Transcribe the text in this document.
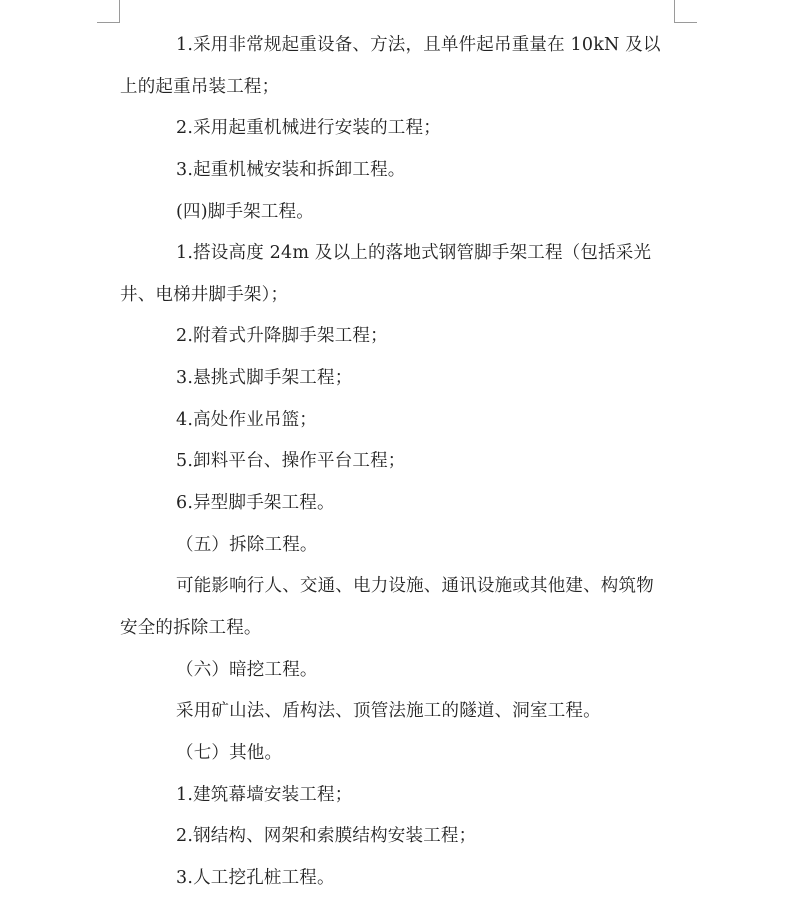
1.采用非常规起重设备、方法，且单件起吊重量在 10kN 及以
上的起重吊装工程；
2.采用起重机械进行安装的工程；
3.起重机械安装和拆卸工程。
(四)脚手架工程。
1.搭设高度 24m 及以上的落地式钢管脚手架工程（包括采光
井、电梯井脚手架）；
2.附着式升降脚手架工程；
3.悬挑式脚手架工程；
4.高处作业吊篮；
5.卸料平台、操作平台工程；
6.异型脚手架工程。
（五）拆除工程。
可能影响行人、交通、电力设施、通讯设施或其他建、构筑物
安全的拆除工程。
（六）暗挖工程。
采用矿山法、盾构法、顶管法施工的隧道、洞室工程。
（七）其他。
1.建筑幕墙安装工程；
2.钢结构、网架和索膜结构安装工程；
3.人工挖孔桩工程。
